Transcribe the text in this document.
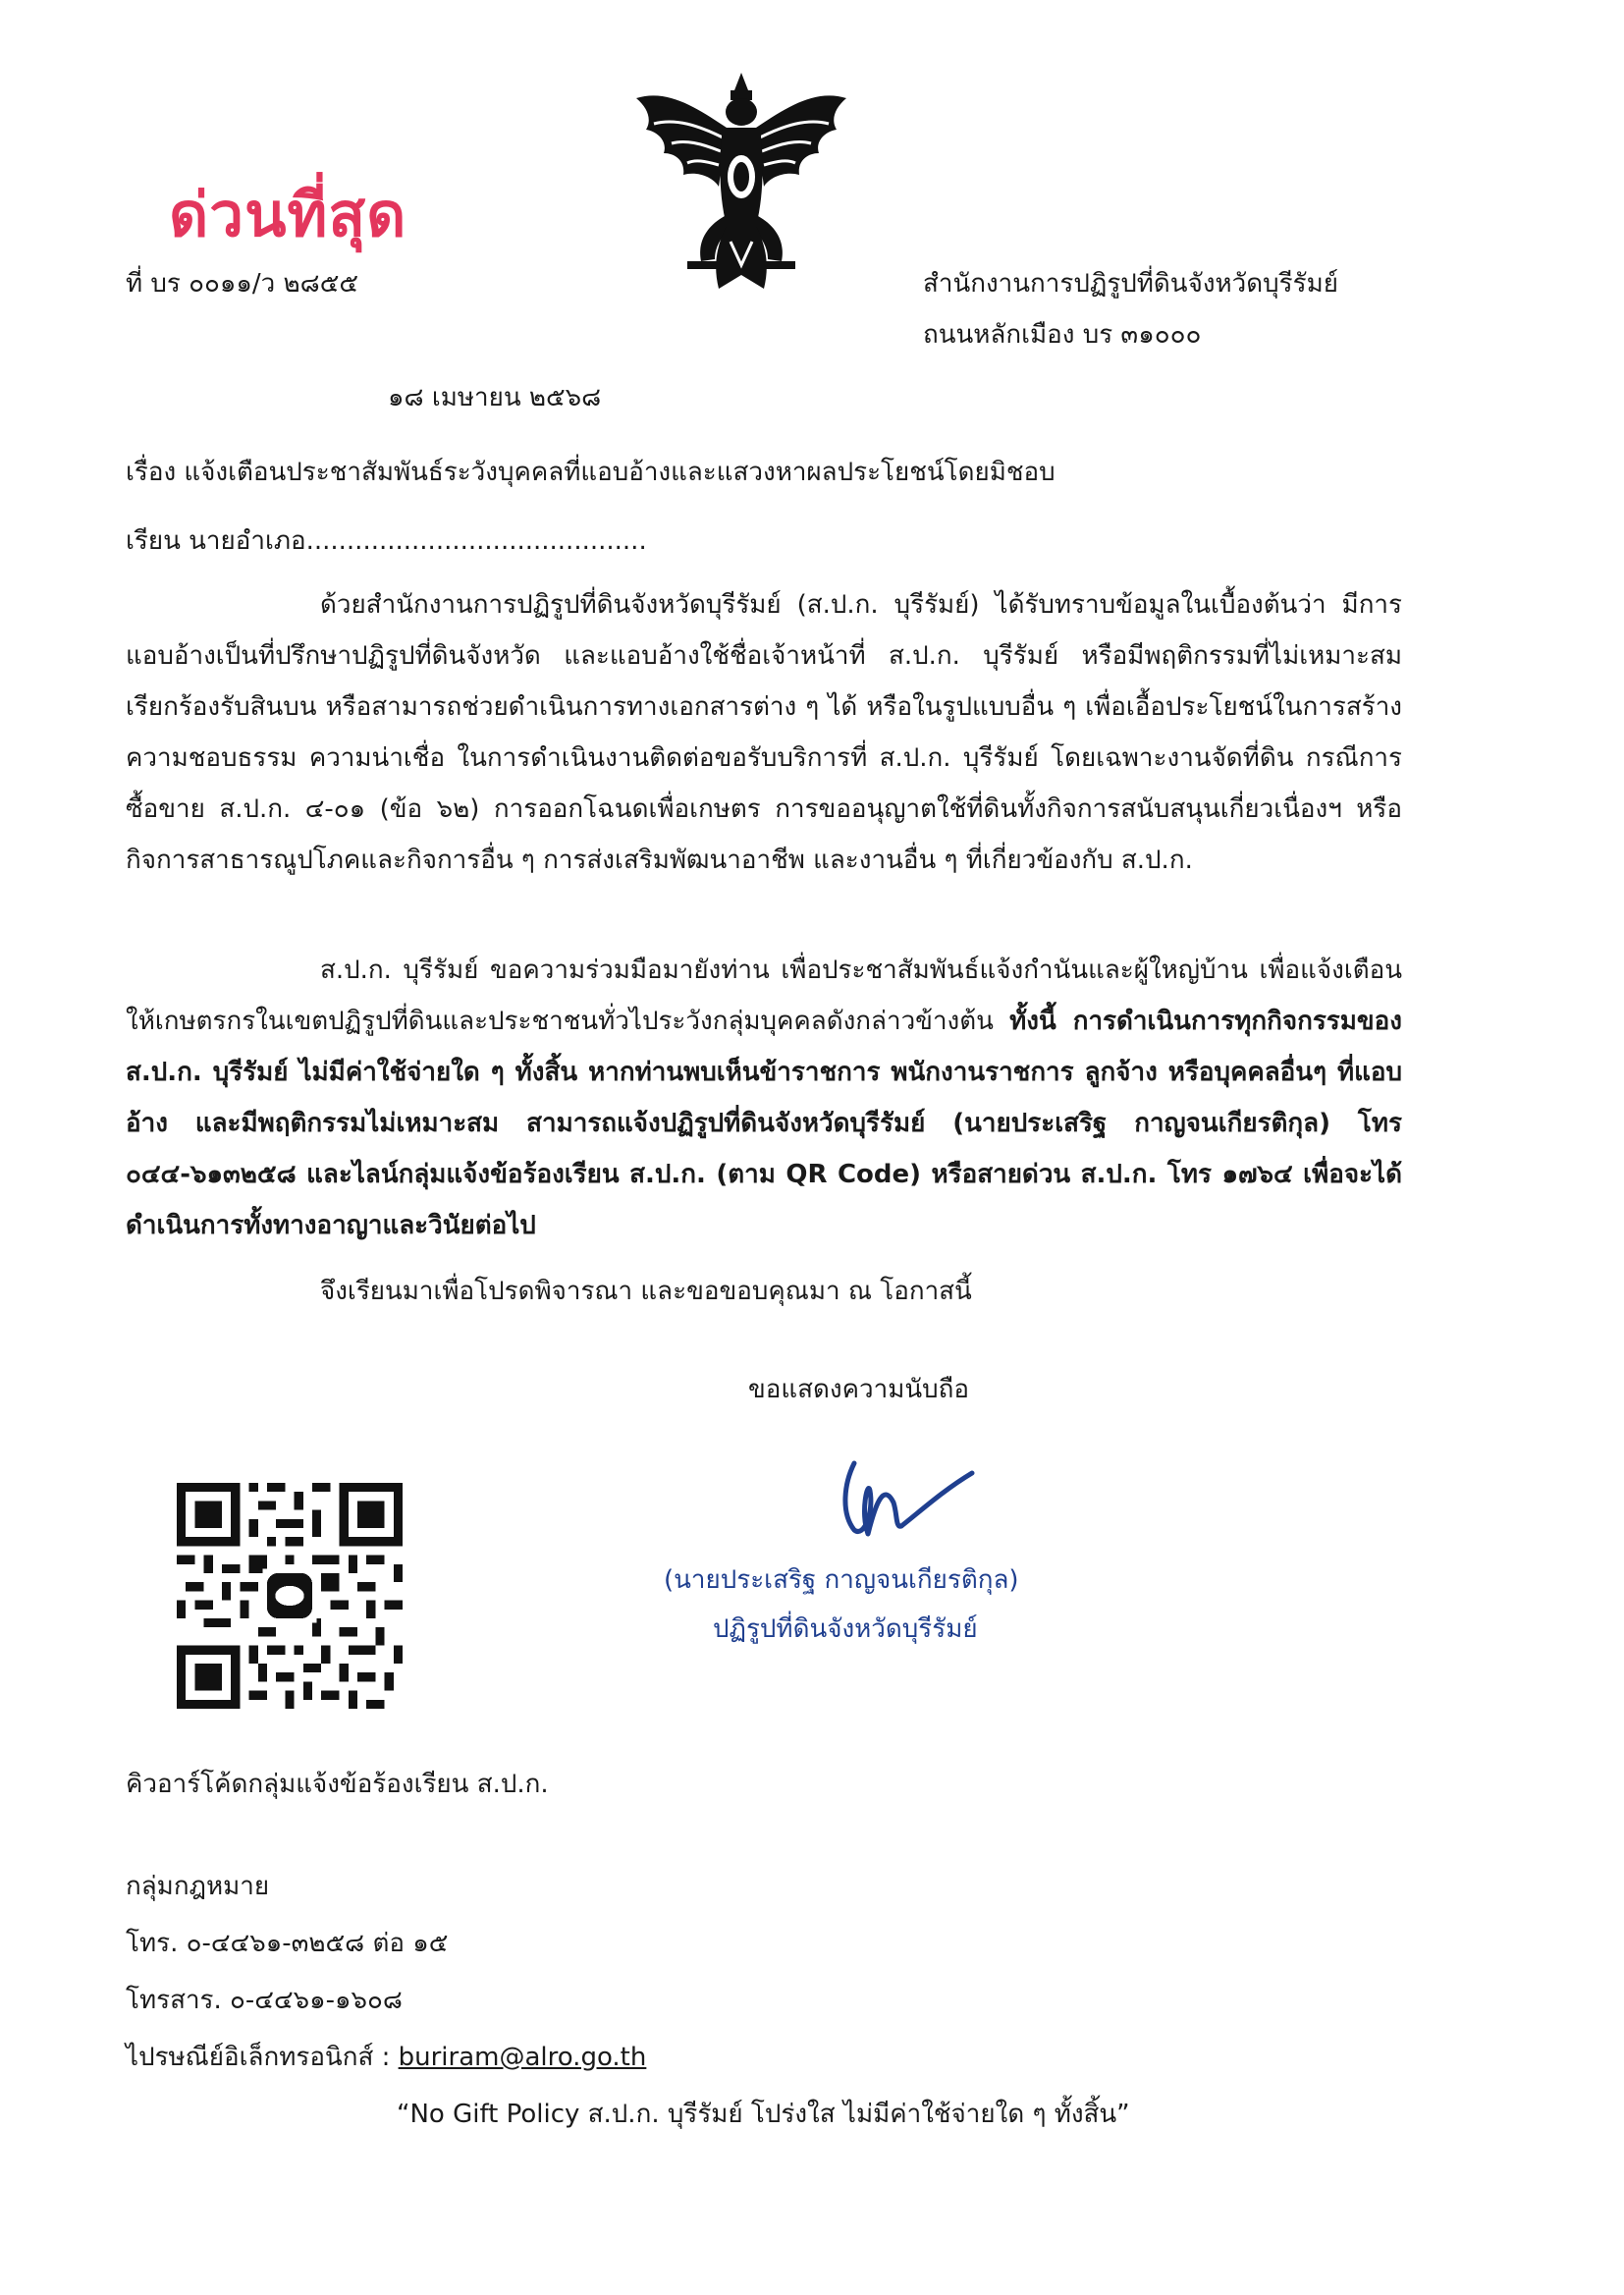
ด่วนที่สุด
ที่ บร ๐๐๑๑/ว ๒๘๕๕	สำนักงานการปฏิรูปที่ดินจังหวัดบุรีรัมย์
ถนนหลักเมือง บร ๓๑๐๐๐
๑๘ เมษายน ๒๕๖๘
เรื่อง แจ้งเตือนประชาสัมพันธ์ระวังบุคคลที่แอบอ้างและแสวงหาผลประโยชน์โดยมิชอบ
เรียน นายอำเภอ..........................................

ด้วยสำนักงานการปฏิรูปที่ดินจังหวัดบุรีรัมย์ (ส.ป.ก. บุรีรัมย์) ได้รับทราบข้อมูลในเบื้องต้นว่า มีการแอบอ้างเป็นที่ปรึกษาปฏิรูปที่ดินจังหวัด และแอบอ้างใช้ชื่อเจ้าหน้าที่ ส.ป.ก. บุรีรัมย์ หรือมีพฤติกรรมที่ไม่เหมาะสม เรียกร้องรับสินบน หรือสามารถช่วยดำเนินการทางเอกสารต่าง ๆ ได้ หรือในรูปแบบอื่น ๆ เพื่อเอื้อประโยชน์ในการสร้างความชอบธรรม ความน่าเชื่อ ในการดำเนินงานติดต่อขอรับบริการที่ ส.ป.ก. บุรีรัมย์ โดยเฉพาะงานจัดที่ดิน กรณีการซื้อขาย ส.ป.ก. ๔-๐๑ (ข้อ ๖๒) การออกโฉนดเพื่อเกษตร การขออนุญาตใช้ที่ดินทั้งกิจการสนับสนุนเกี่ยวเนื่องฯ หรือกิจการสาธารณูปโภคและกิจการอื่น ๆ การส่งเสริมพัฒนาอาชีพ และงานอื่น ๆ ที่เกี่ยวข้องกับ ส.ป.ก.

ส.ป.ก. บุรีรัมย์ ขอความร่วมมือมายังท่าน เพื่อประชาสัมพันธ์แจ้งกำนันและผู้ใหญ่บ้าน เพื่อแจ้งเตือนให้เกษตรกรในเขตปฏิรูปที่ดินและประชาชนทั่วไประวังกลุ่มบุคคลดังกล่าวข้างต้น ทั้งนี้ การดำเนินการทุกกิจกรรมของ ส.ป.ก. บุรีรัมย์ ไม่มีค่าใช้จ่ายใด ๆ ทั้งสิ้น หากท่านพบเห็นข้าราชการ พนักงานราชการ ลูกจ้าง หรือบุคคลอื่นๆ ที่แอบอ้าง และมีพฤติกรรมไม่เหมาะสม สามารถแจ้งปฏิรูปที่ดินจังหวัดบุรีรัมย์ (นายประเสริฐ กาญจนเกียรติกุล) โทร ๐๔๔-๖๑๓๒๕๘ และไลน์กลุ่มแจ้งข้อร้องเรียน ส.ป.ก. (ตาม QR Code) หรือสายด่วน ส.ป.ก. โทร ๑๗๖๔ เพื่อจะได้ดำเนินการทั้งทางอาญาและวินัยต่อไป

จึงเรียนมาเพื่อโปรดพิจารณา และขอขอบคุณมา ณ โอกาสนี้
ขอแสดงความนับถือ
(นายประเสริฐ กาญจนเกียรติกุล)
ปฏิรูปที่ดินจังหวัดบุรีรัมย์
คิวอาร์โค้ดกลุ่มแจ้งข้อร้องเรียน ส.ป.ก.
กลุ่มกฎหมาย
โทร. ๐-๔๔๖๑-๓๒๕๘ ต่อ ๑๕
โทรสาร. ๐-๔๔๖๑-๑๖๐๘
ไปรษณีย์อิเล็กทรอนิกส์ : buriram@alro.go.th
“No Gift Policy ส.ป.ก. บุรีรัมย์ โปร่งใส ไม่มีค่าใช้จ่ายใด ๆ ทั้งสิ้น”
